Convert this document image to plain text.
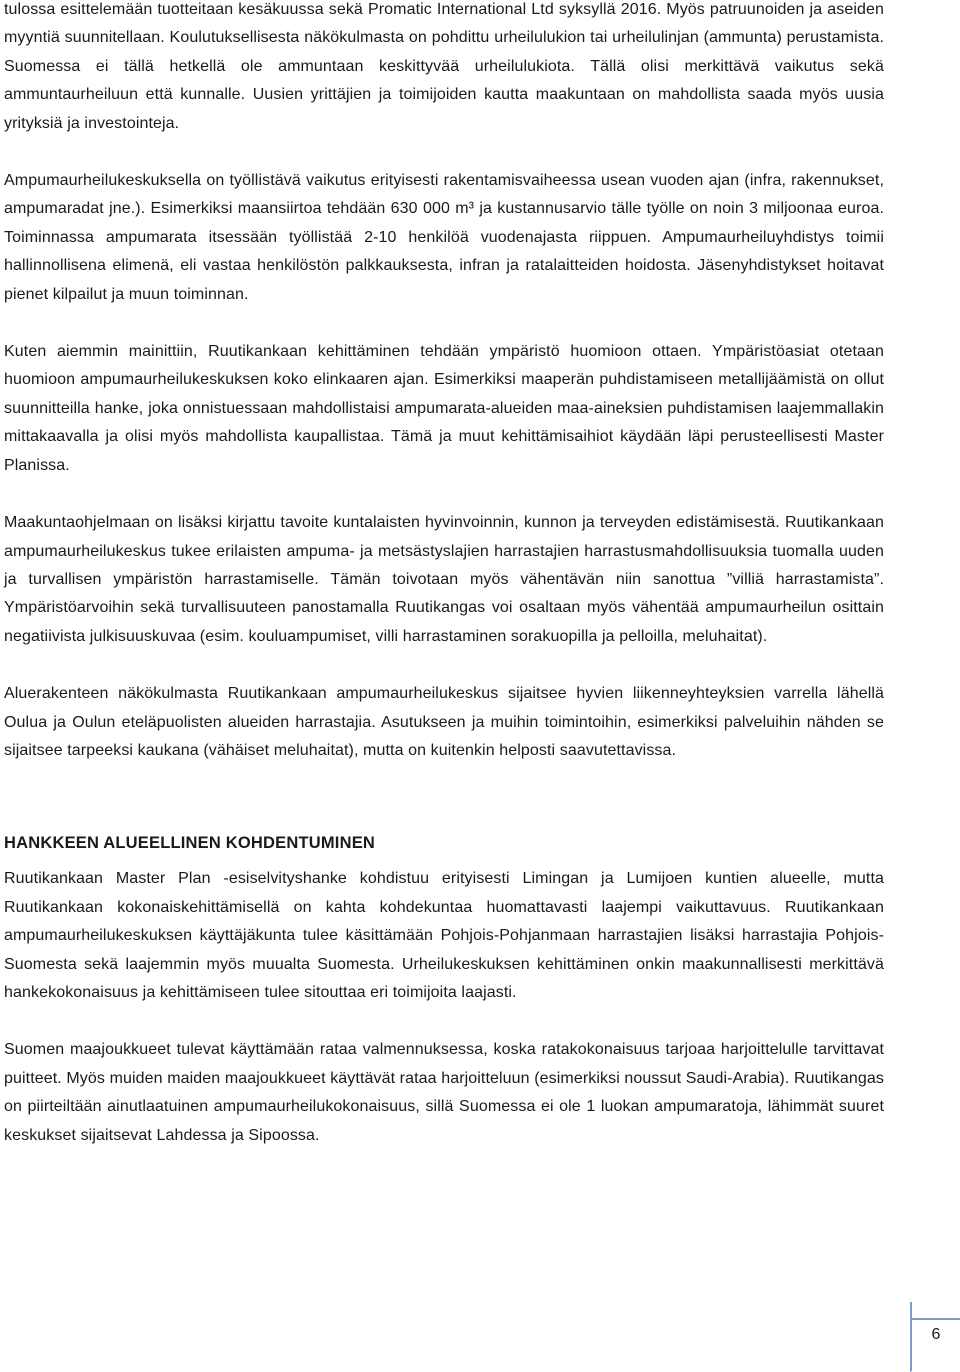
tulossa esittelemään tuotteitaan kesäkuussa sekä Promatic International Ltd syksyllä 2016. Myös patruunoiden ja aseiden myyntiä suunnitellaan. Koulutuksellisesta näkökulmasta on pohdittu urheilulukion tai urheilulinjan (ammunta) perustamista. Suomessa ei tällä hetkellä ole ammuntaan keskittyvää urheilulukiota. Tällä olisi merkittävä vaikutus sekä ammuntaurheiluun että kunnalle. Uusien yrittäjien ja toimijoiden kautta maakuntaan on mahdollista saada myös uusia yrityksiä ja investointeja.

Ampumaurheilukeskuksella on työllistävä vaikutus erityisesti rakentamisvaiheessa usean vuoden ajan (infra, rakennukset, ampumaradat jne.). Esimerkiksi maansiirtoa tehdään 630 000 m³ ja kustannusarvio tälle työlle on noin 3 miljoonaa euroa. Toiminnassa ampumarata itsessään työllistää 2-10 henkilöä vuodenajasta riippuen. Ampumaurheiluyhdistys toimii hallinnollisena elimenä, eli vastaa henkilöstön palkkauksesta, infran ja ratalaitteiden hoidosta. Jäsenyhdistykset hoitavat pienet kilpailut ja muun toiminnan.

Kuten aiemmin mainittiin, Ruutikankaan kehittäminen tehdään ympäristö huomioon ottaen. Ympäristöasiat otetaan huomioon ampumaurheilukeskuksen koko elinkaaren ajan. Esimerkiksi maaperän puhdistamiseen metallijäämistä on ollut suunnitteilla hanke, joka onnistuessaan mahdollistaisi ampumarata-alueiden maa-aineksien puhdistamisen laajemmallakin mittakaavalla ja olisi myös mahdollista kaupallistaa. Tämä ja muut kehittämisaihiot käydään läpi perusteellisesti Master Planissa.

Maakuntaohjelmaan on lisäksi kirjattu tavoite kuntalaisten hyvinvoinnin, kunnon ja terveyden edistämisestä. Ruutikankaan ampumaurheilukeskus tukee erilaisten ampuma- ja metsästyslajien harrastajien harrastusmahdollisuuksia tuomalla uuden ja turvallisen ympäristön harrastamiselle. Tämän toivotaan myös vähentävän niin sanottua ”villiä harrastamista”. Ympäristöarvoihin sekä turvallisuuteen panostamalla Ruutikangas voi osaltaan myös vähentää ampumaurheilun osittain negatiivista julkisuuskuvaa (esim. kouluampumiset, villi harrastaminen sorakuopilla ja pelloilla, meluhaitat).

Aluerakenteen näkökulmasta Ruutikankaan ampumaurheilukeskus sijaitsee hyvien liikenneyhteyksien varrella lähellä Oulua ja Oulun eteläpuolisten alueiden harrastajia. Asutukseen ja muihin toimintoihin, esimerkiksi palveluihin nähden se sijaitsee tarpeeksi kaukana (vähäiset meluhaitat), mutta on kuitenkin helposti saavutettavissa.

HANKKEEN ALUEELLINEN KOHDENTUMINEN

Ruutikankaan Master Plan -esiselvityshanke kohdistuu erityisesti Limingan ja Lumijoen kuntien alueelle, mutta Ruutikankaan kokonaiskehittämisellä on kahta kohdekuntaa huomattavasti laajempi vaikuttavuus. Ruutikankaan ampumaurheilukeskuksen käyttäjäkunta tulee käsittämään Pohjois-Pohjanmaan harrastajien lisäksi harrastajia Pohjois-Suomesta sekä laajemmin myös muualta Suomesta. Urheilukeskuksen kehittäminen onkin maakunnallisesti merkittävä hankekokonaisuus ja kehittämiseen tulee sitouttaa eri toimijoita laajasti.

Suomen maajoukkueet tulevat käyttämään rataa valmennuksessa, koska ratakokonaisuus tarjoaa harjoittelulle tarvittavat puitteet. Myös muiden maiden maajoukkueet käyttävät rataa harjoitteluun (esimerkiksi noussut Saudi-Arabia). Ruutikangas on piirteiltään ainutlaatuinen ampumaurheilukokonaisuus, sillä Suomessa ei ole 1 luokan ampumaratoja, lähimmät suuret keskukset sijaitsevat Lahdessa ja Sipoossa.

6
